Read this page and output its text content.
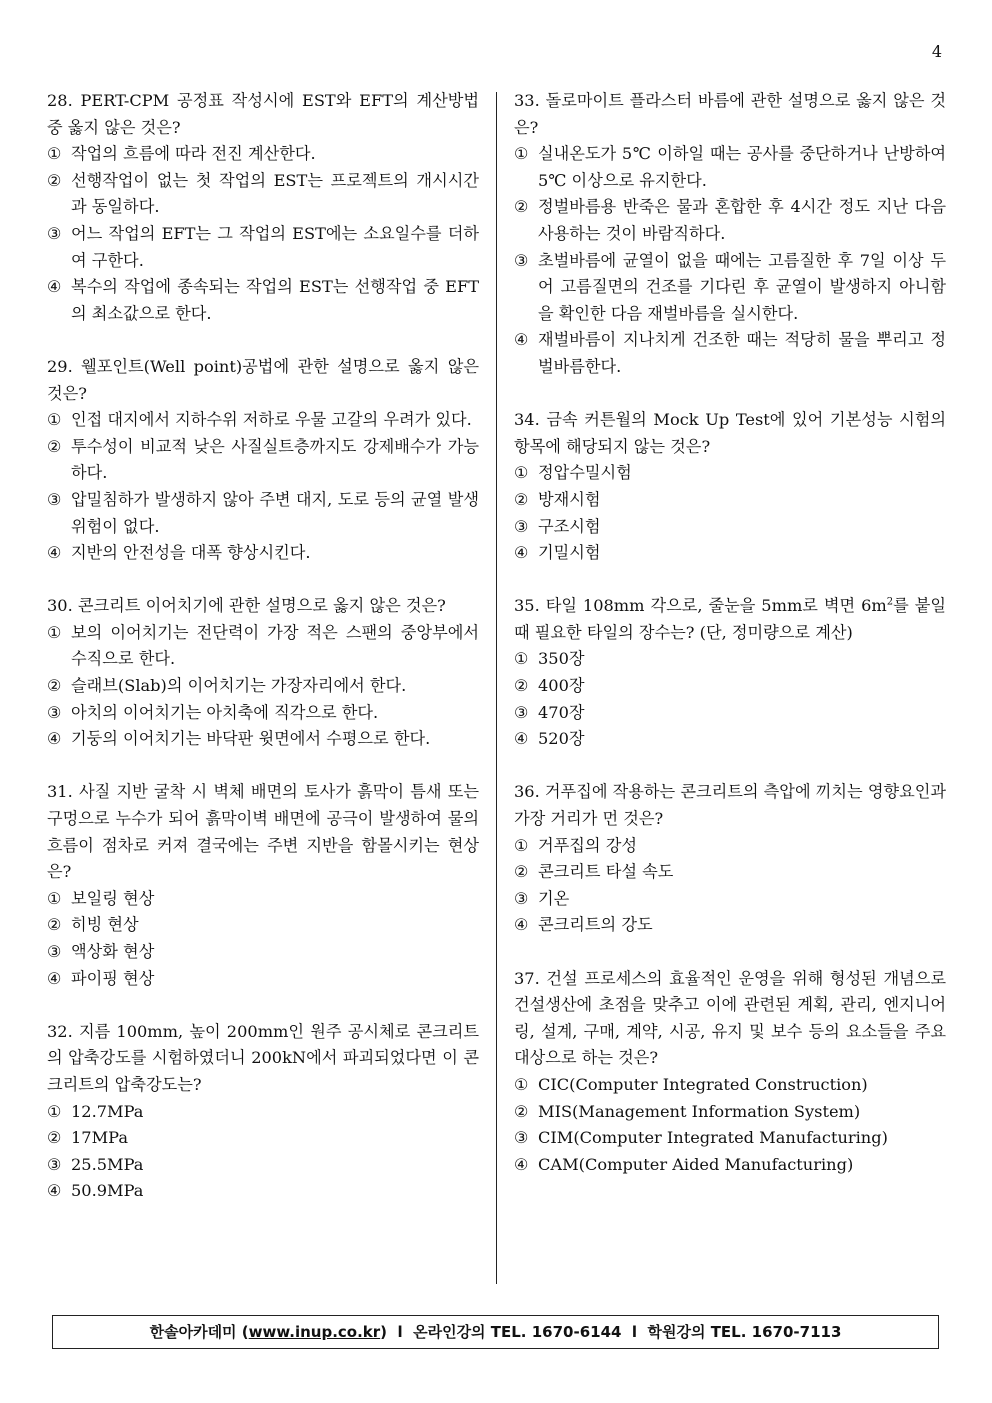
4
28. PERT-CPM 공정표 작성시에 EST와 EFT의 계산방법 중 옳지 않은 것은?
① 작업의 흐름에 따라 전진 계산한다.
② 선행작업이 없는 첫 작업의 EST는 프로젝트의 개시시간과 동일하다.
③ 어느 작업의 EFT는 그 작업의 EST에는 소요일수를 더하여 구한다.
④ 복수의 작업에 종속되는 작업의 EST는 선행작업 중 EFT의 최소값으로 한다.
29. 웰포인트(Well point)공법에 관한 설명으로 옳지 않은 것은?
① 인접 대지에서 지하수위 저하로 우물 고갈의 우려가 있다.
② 투수성이 비교적 낮은 사질실트층까지도 강제배수가 가능하다.
③ 압밀침하가 발생하지 않아 주변 대지, 도로 등의 균열 발생 위험이 없다.
④ 지반의 안전성을 대폭 향상시킨다.
30. 콘크리트 이어치기에 관한 설명으로 옳지 않은 것은?
① 보의 이어치기는 전단력이 가장 적은 스팬의 중앙부에서 수직으로 한다.
② 슬래브(Slab)의 이어치기는 가장자리에서 한다.
③ 아치의 이어치기는 아치축에 직각으로 한다.
④ 기둥의 이어치기는 바닥판 윗면에서 수평으로 한다.
31. 사질 지반 굴착 시 벽체 배면의 토사가 흙막이 틈새 또는 구멍으로 누수가 되어 흙막이벽 배면에 공극이 발생하여 물의 흐름이 점차로 커져 결국에는 주변 지반을 함몰시키는 현상은?
① 보일링 현상
② 히빙 현상
③ 액상화 현상
④ 파이핑 현상
32. 지름 100mm, 높이 200mm인 원주 공시체로 콘크리트의 압축강도를 시험하였더니 200kN에서 파괴되었다면 이 콘크리트의 압축강도는?
① 12.7MPa
② 17MPa
③ 25.5MPa
④ 50.9MPa
33. 돌로마이트 플라스터 바름에 관한 설명으로 옳지 않은 것은?
① 실내온도가 5℃ 이하일 때는 공사를 중단하거나 난방하여 5℃ 이상으로 유지한다.
② 정벌바름용 반죽은 물과 혼합한 후 4시간 정도 지난 다음 사용하는 것이 바람직하다.
③ 초벌바름에 균열이 없을 때에는 고름질한 후 7일 이상 두어 고름질면의 건조를 기다린 후 균열이 발생하지 아니함을 확인한 다음 재벌바름을 실시한다.
④ 재벌바름이 지나치게 건조한 때는 적당히 물을 뿌리고 정벌바름한다.
34. 금속 커튼월의 Mock Up Test에 있어 기본성능 시험의 항목에 해당되지 않는 것은?
① 정압수밀시험
② 방재시험
③ 구조시험
④ 기밀시험
35. 타일 108mm 각으로, 줄눈을 5mm로 벽면 $6m^2$를 붙일 때 필요한 타일의 장수는? (단, 정미량으로 계산)
① 350장
② 400장
③ 470장
④ 520장
36. 거푸집에 작용하는 콘크리트의 측압에 끼치는 영향요인과 가장 거리가 먼 것은?
① 거푸집의 강성
② 콘크리트 타설 속도
③ 기온
④ 콘크리트의 강도
37. 건설 프로세스의 효율적인 운영을 위해 형성된 개념으로 건설생산에 초점을 맞추고 이에 관련된 계획, 관리, 엔지니어링, 설계, 구매, 계약, 시공, 유지 및 보수 등의 요소들을 주요 대상으로 하는 것은?
① CIC(Computer Integrated Construction)
② MIS(Management Information System)
③ CIM(Computer Integrated Manufacturing)
④ CAM(Computer Aided Manufacturing)
한솔아카데미 (www.inup.co.kr) l 온라인강의 TEL. 1670-6144 l 학원강의 TEL. 1670-7113
